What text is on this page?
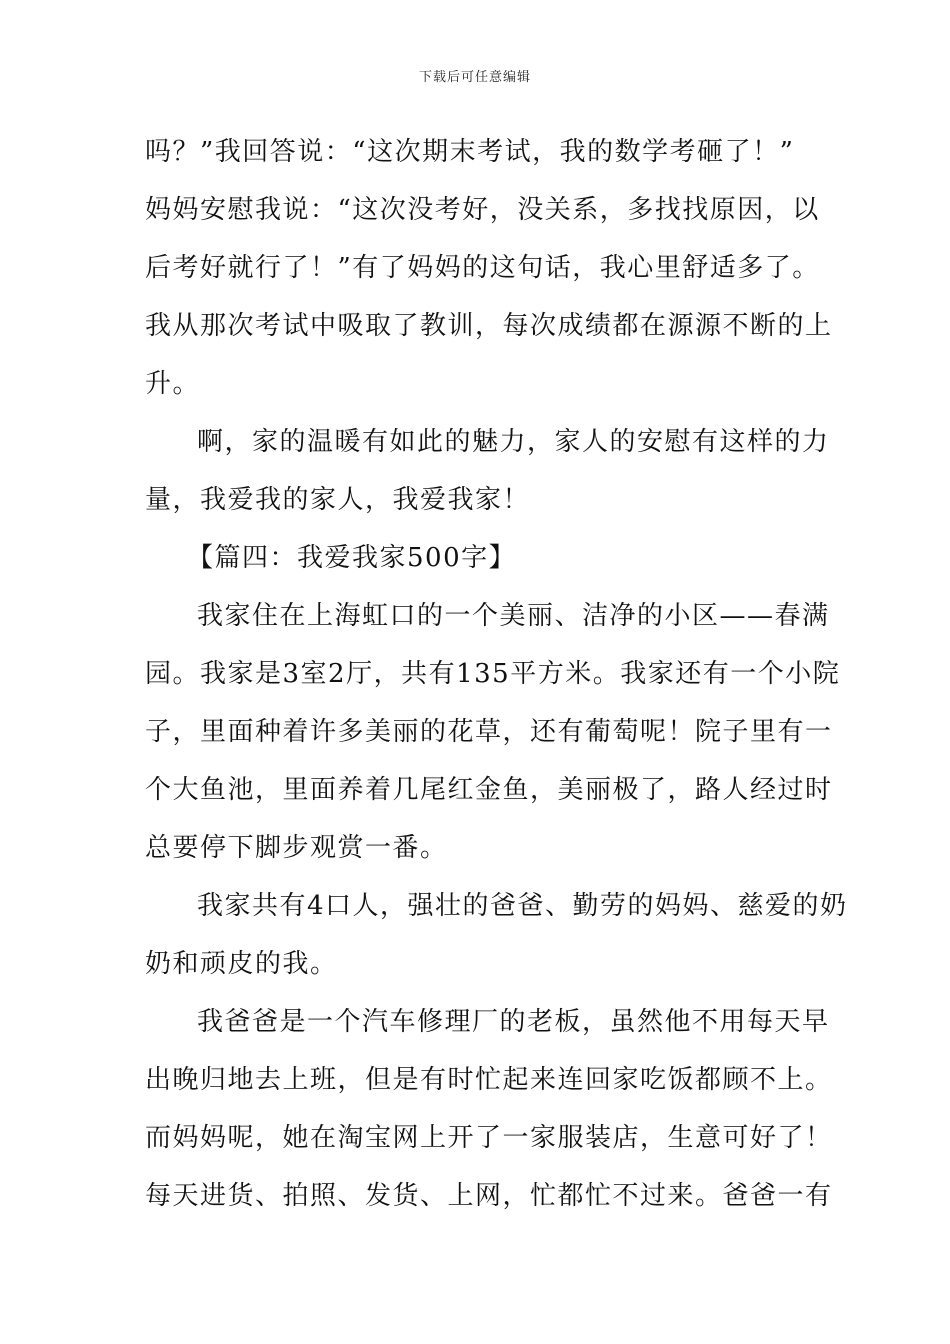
下载后可任意编辑
吗？”我回答说：“这次期末考试，我的数学考砸了！”
妈妈安慰我说：“这次没考好，没关系，多找找原因，以
后考好就行了！”有了妈妈的这句话，我心里舒适多了。
我从那次考试中吸取了教训，每次成绩都在源源不断的上
升。
啊，家的温暖有如此的魅力，家人的安慰有这样的力
量，我爱我的家人，我爱我家！
【篇四：我爱我家500字】
我家住在上海虹口的一个美丽、洁净的小区——春满
园。我家是3室2厅，共有135平方米。我家还有一个小院
子，里面种着许多美丽的花草，还有葡萄呢！院子里有一
个大鱼池，里面养着几尾红金鱼，美丽极了，路人经过时
总要停下脚步观赏一番。
我家共有4口人，强壮的爸爸、勤劳的妈妈、慈爱的奶
奶和顽皮的我。
我爸爸是一个汽车修理厂的老板，虽然他不用每天早
出晚归地去上班，但是有时忙起来连回家吃饭都顾不上。
而妈妈呢，她在淘宝网上开了一家服装店，生意可好了！
每天进货、拍照、发货、上网，忙都忙不过来。爸爸一有
